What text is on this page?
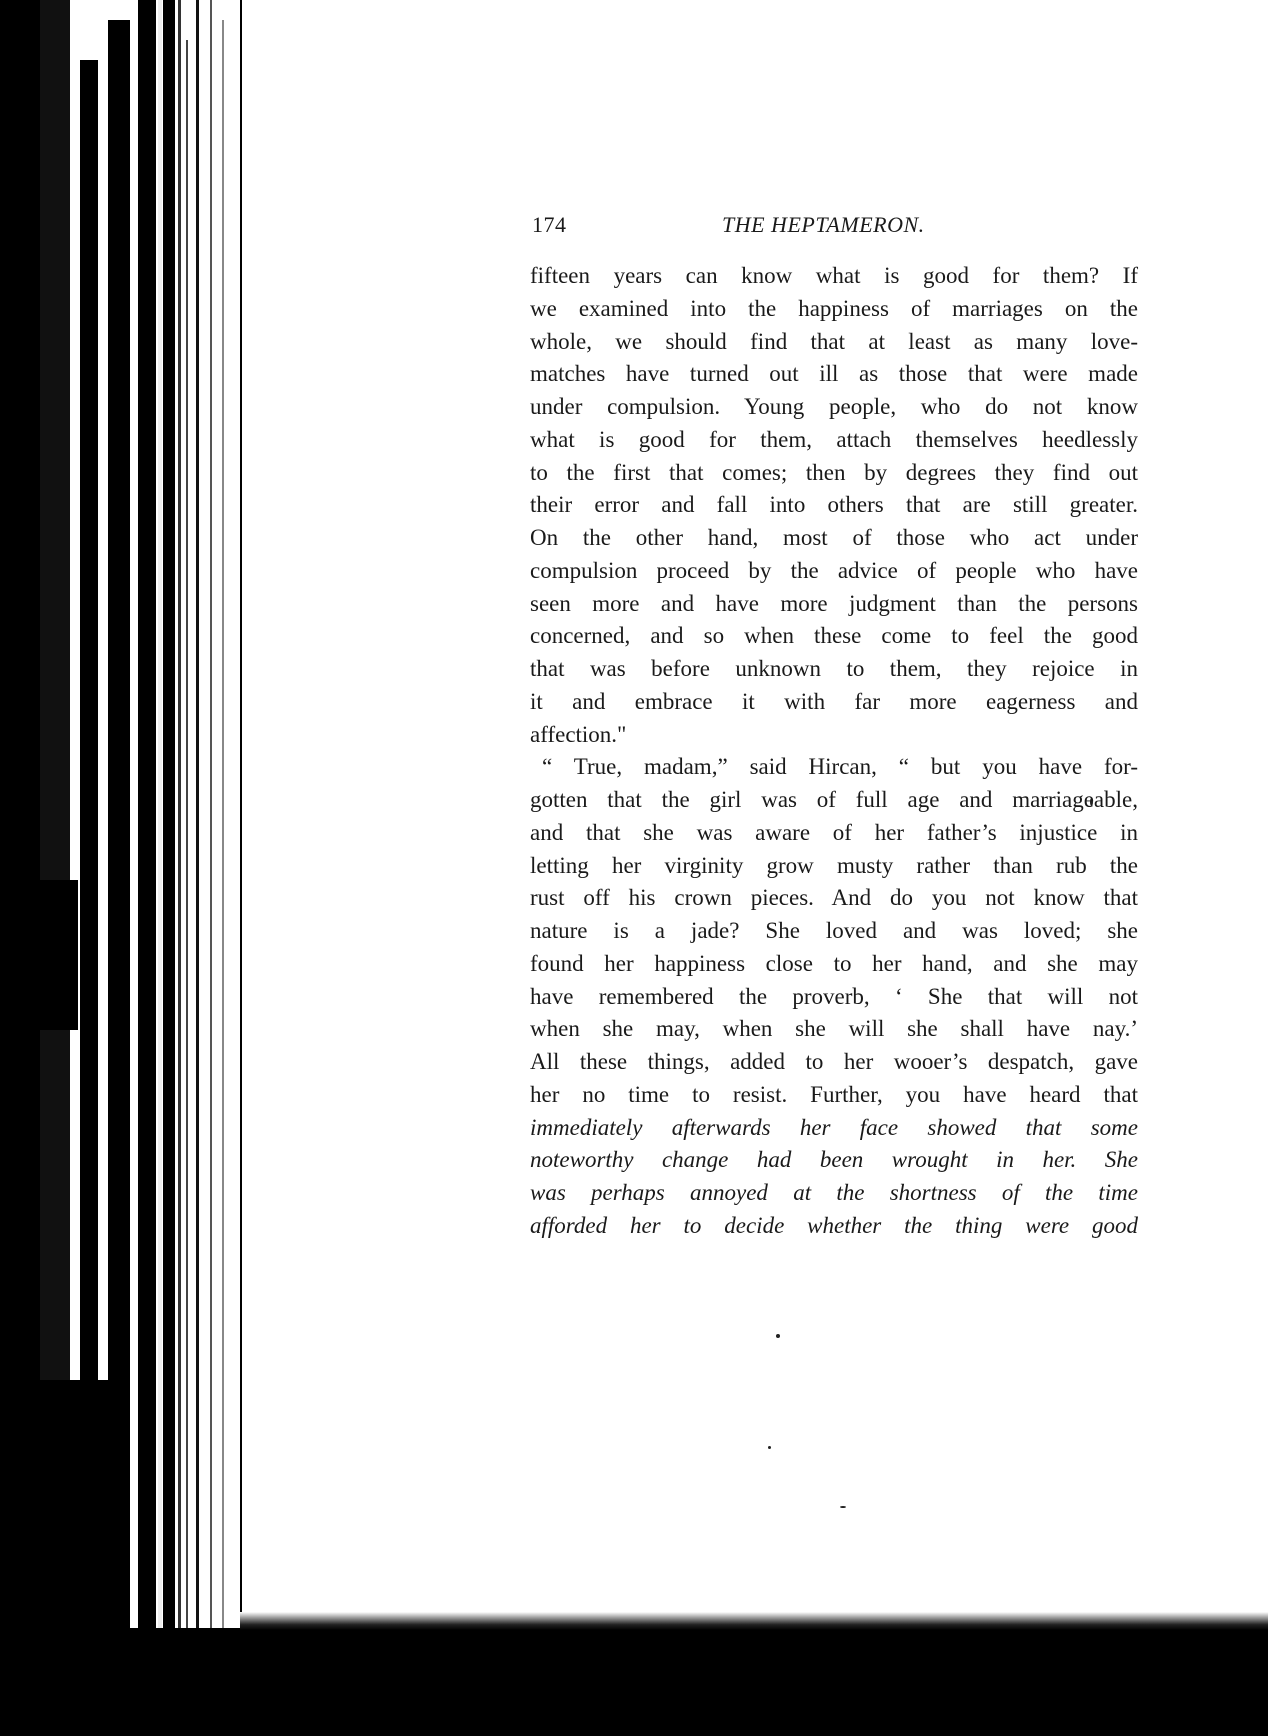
174	THE HEPTAMERON.
fifteen years can know what is good for them? If
we examined into the happiness of marriages on the
whole, we should find that at least as many love-
matches have turned out ill as those that were made
under compulsion. Young people, who do not know
what is good for them, attach themselves heedlessly
to the first that comes; then by degrees they find out
their error and fall into others that are still greater.
On the other hand, most of those who act under
compulsion proceed by the advice of people who have
seen more and have more judgment than the persons
concerned, and so when these come to feel the good
that was before unknown to them, they rejoice in
it and embrace it with far more eagerness and
affection."
“ True, madam,” said Hircan, “ but you have for-
gotten that the girl was of full age and marriageable,
and that she was aware of her father’s injustice in
letting her virginity grow musty rather than rub the
rust off his crown pieces. And do you not know that
nature is a jade? She loved and was loved; she
found her happiness close to her hand, and she may
have remembered the proverb, ‘ She that will not
when she may, when she will she shall have nay.’
All these things, added to her wooer’s despatch, gave
her no time to resist. Further, you have heard that
immediately afterwards her face showed that some
noteworthy change had been wrought in her. She
was perhaps annoyed at the shortness of the time
afforded her to decide whether the thing were good
